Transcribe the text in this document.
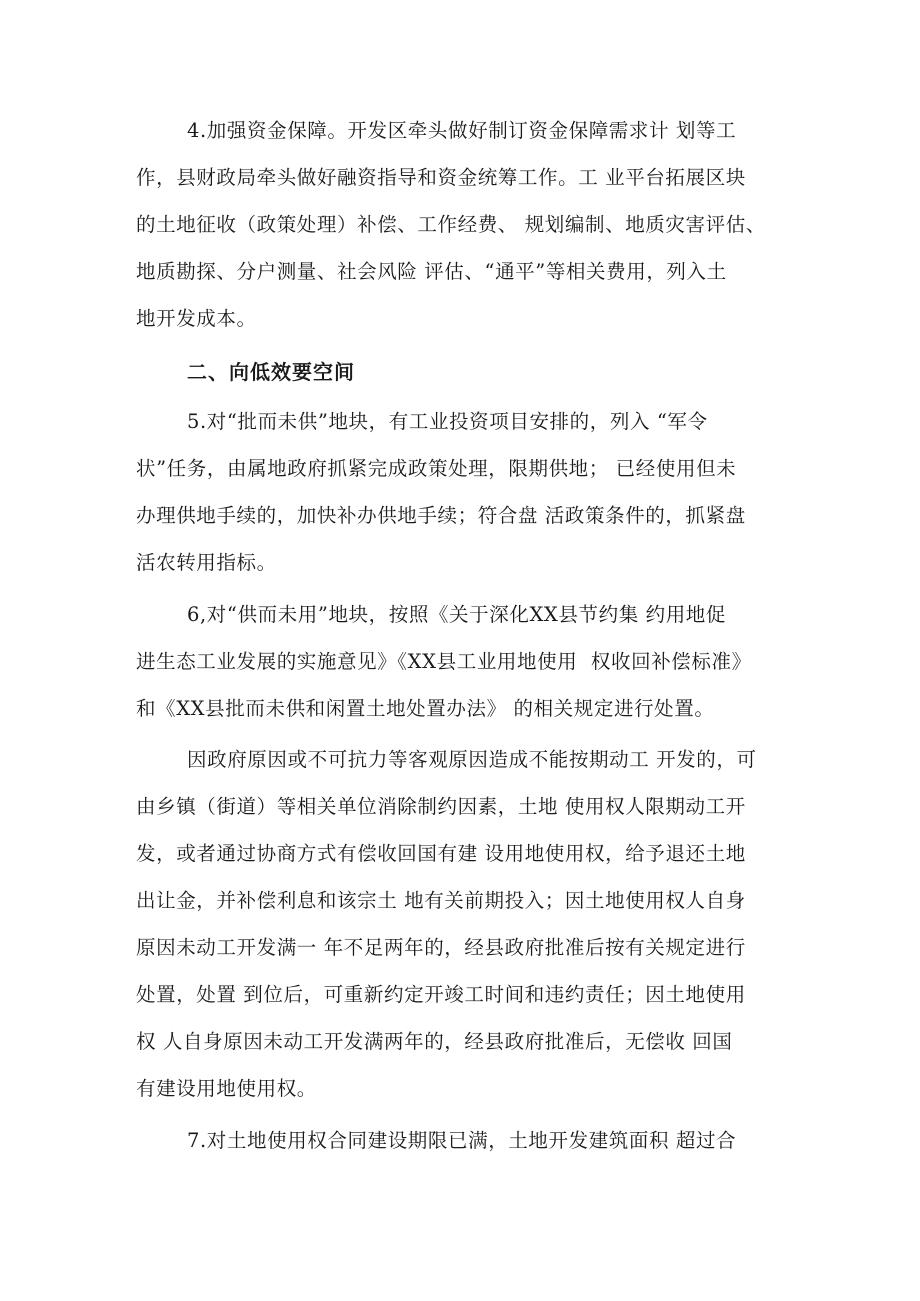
4.加强资金保障。开发区牵头做好制订资金保障需求计 划等工

作，县财政局牵头做好融资指导和资金统筹工作。工 业平台拓展区块

的土地征收（政策处理）补偿、工作经费、 规划编制、地质灾害评估、

地质勘探、分户测量、社会风险 评估、“通平”等相关费用，列入土

地开发成本。

二、向低效要空间

5.对“批而未供”地块，有工业投资项目安排的，列入 “军令

状”任务，由属地政府抓紧完成政策处理，限期供地； 已经使用但未

办理供地手续的，加快补办供地手续；符合盘 活政策条件的，抓紧盘

活农转用指标。

6,对“供而未用”地块，按照《关于深化XX县节约集 约用地促

进生态工业发展的实施意见》《XX县工业用地使用  权收回补偿标准》

和《XX县批而未供和闲置土地处置办法》 的相关规定进行处置。

因政府原因或不可抗力等客观原因造成不能按期动工 开发的，可

由乡镇（街道）等相关单位消除制约因素，土地 使用权人限期动工开

发，或者通过协商方式有偿收回国有建 设用地使用权，给予退还土地

出让金，并补偿利息和该宗土 地有关前期投入；因土地使用权人自身

原因未动工开发满一 年不足两年的，经县政府批准后按有关规定进行

处置，处置 到位后，可重新约定开竣工时间和违约责任；因土地使用

权 人自身原因未动工开发满两年的，经县政府批准后，无偿收 回国

有建设用地使用权。

7.对土地使用权合同建设期限已满，土地开发建筑面积 超过合
